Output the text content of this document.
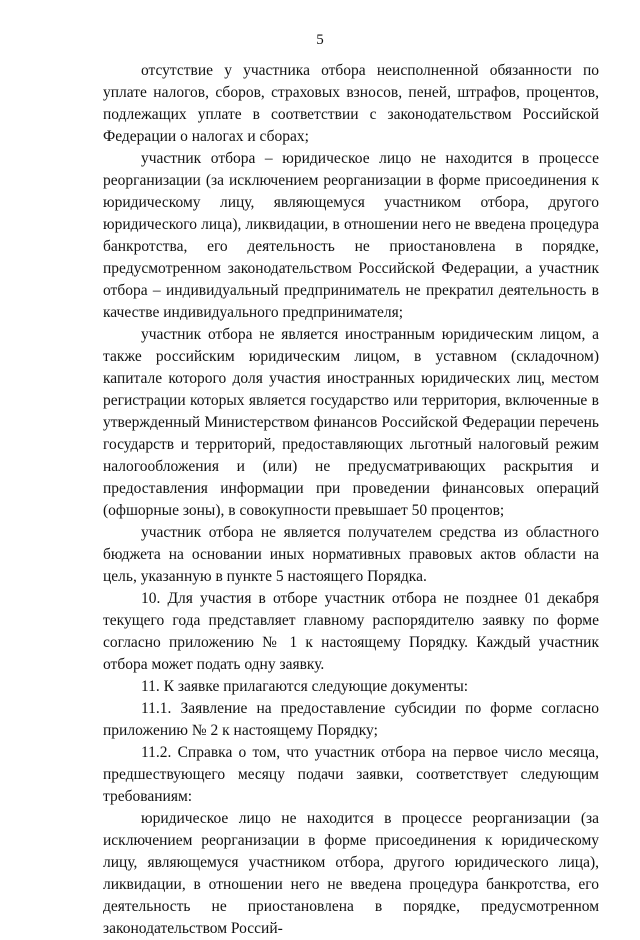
5

отсутствие у участника отбора неисполненной обязанности по уплате налогов, сборов, страховых взносов, пеней, штрафов, процентов, подлежащих уплате в соответствии с законодательством Российской Федерации о налогах и сборах;

участник отбора – юридическое лицо не находится в процессе реорганизации (за исключением реорганизации в форме присоединения к юридическому лицу, являющемуся участником отбора, другого юридического лица), ликвидации, в отношении него не введена процедура банкротства, его деятельность не приостановлена в порядке, предусмотренном законодательством Российской Федерации, а участник отбора – индивидуальный предприниматель не прекратил деятельность в качестве индивидуального предпринимателя;

участник отбора не является иностранным юридическим лицом, а также российским юридическим лицом, в уставном (складочном) капитале которого доля участия иностранных юридических лиц, местом регистрации которых является государство или территория, включенные в утвержденный Министерством финансов Российской Федерации перечень государств и территорий, предоставляющих льготный налоговый режим налогообложения и (или) не предусматривающих раскрытия и предоставления информации при проведении финансовых операций (офшорные зоны), в совокупности превышает 50 процентов;

участник отбора не является получателем средства из областного бюджета на основании иных нормативных правовых актов области на цель, указанную в пункте 5 настоящего Порядка.

10. Для участия в отборе участник отбора не позднее 01 декабря текущего года представляет главному распорядителю заявку по форме согласно приложению № 1 к настоящему Порядку. Каждый участник отбора может подать одну заявку.

11. К заявке прилагаются следующие документы:

11.1. Заявление на предоставление субсидии по форме согласно приложению № 2 к настоящему Порядку;

11.2. Справка о том, что участник отбора на первое число месяца, предшествующего месяцу подачи заявки, соответствует следующим требованиям:

юридическое лицо не находится в процессе реорганизации (за исключением реорганизации в форме присоединения к юридическому лицу, являющемуся участником отбора, другого юридического лица), ликвидации, в отношении него не введена процедура банкротства, его деятельность не приостановлена в порядке, предусмотренном законодательством Россий-
